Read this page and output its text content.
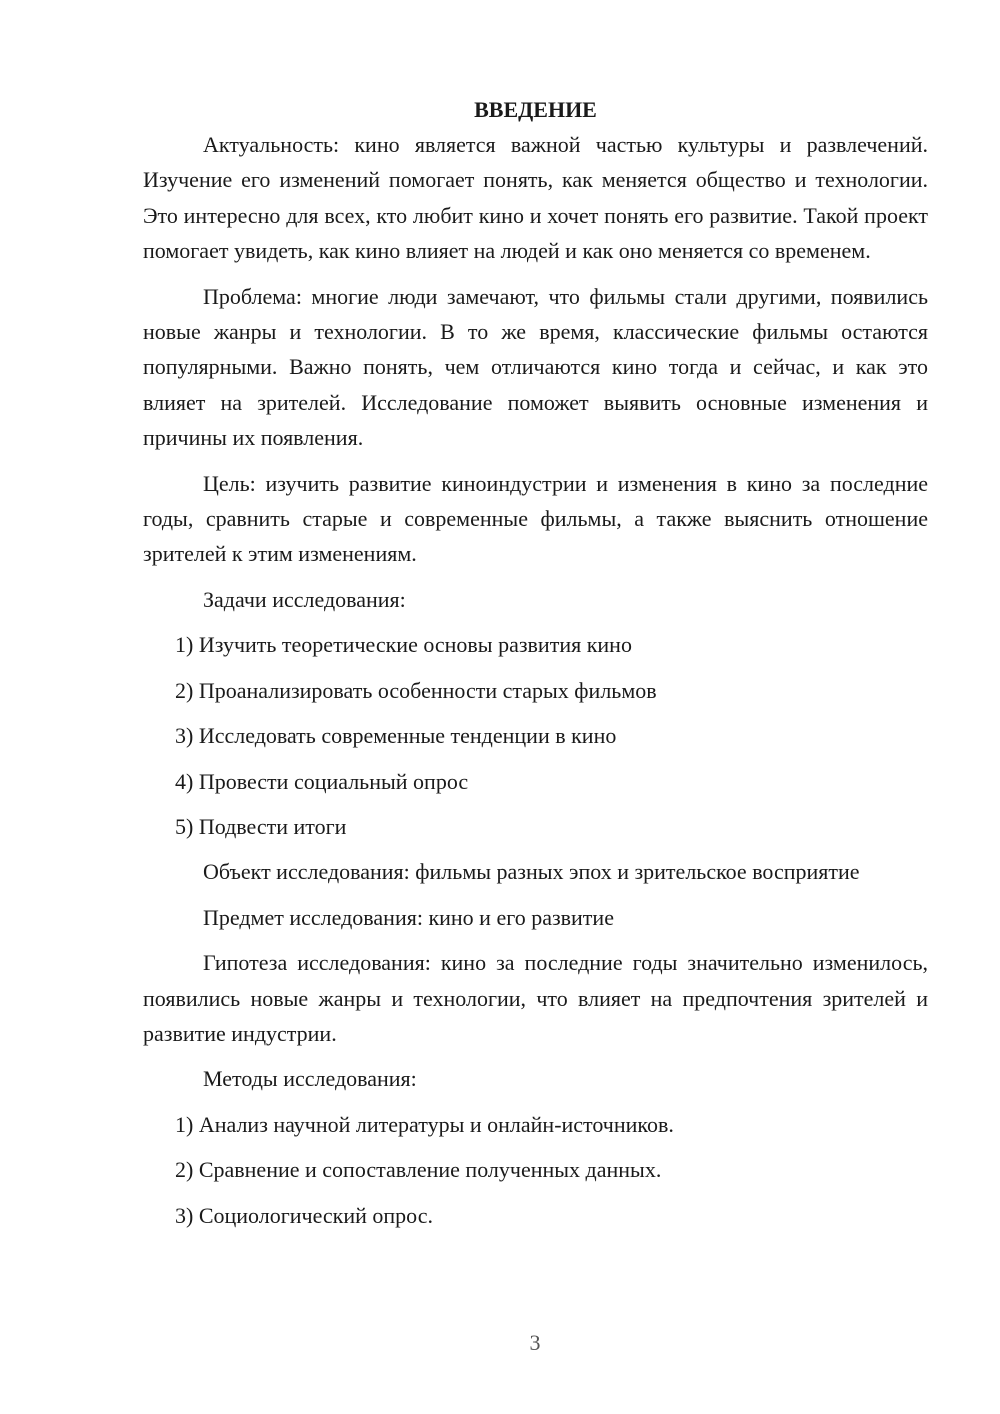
ВВЕДЕНИЕ

Актуальность: кино является важной частью культуры и развлечений. Изучение его изменений помогает понять, как меняется общество и технологии. Это интересно для всех, кто любит кино и хочет понять его развитие. Такой проект помогает увидеть, как кино влияет на людей и как оно меняется со временем.

Проблема: многие люди замечают, что фильмы стали другими, появились новые жанры и технологии. В то же время, классические фильмы остаются популярными. Важно понять, чем отличаются кино тогда и сейчас, и как это влияет на зрителей. Исследование поможет выявить основные изменения и причины их появления.

Цель: изучить развитие киноиндустрии и изменения в кино за последние годы, сравнить старые и современные фильмы, а также выяснить отношение зрителей к этим изменениям.

Задачи исследования:
1) Изучить теоретические основы развития кино
2) Проанализировать особенности старых фильмов
3) Исследовать современные тенденции в кино
4) Провести социальный опрос
5) Подвести итоги

Объект исследования: фильмы разных эпох и зрительское восприятие

Предмет исследования: кино и его развитие

Гипотеза исследования: кино за последние годы значительно изменилось, появились новые жанры и технологии, что влияет на предпочтения зрителей и развитие индустрии.

Методы исследования:
1) Анализ научной литературы и онлайн-источников.
2) Сравнение и сопоставление полученных данных.
3) Социологический опрос.
3
